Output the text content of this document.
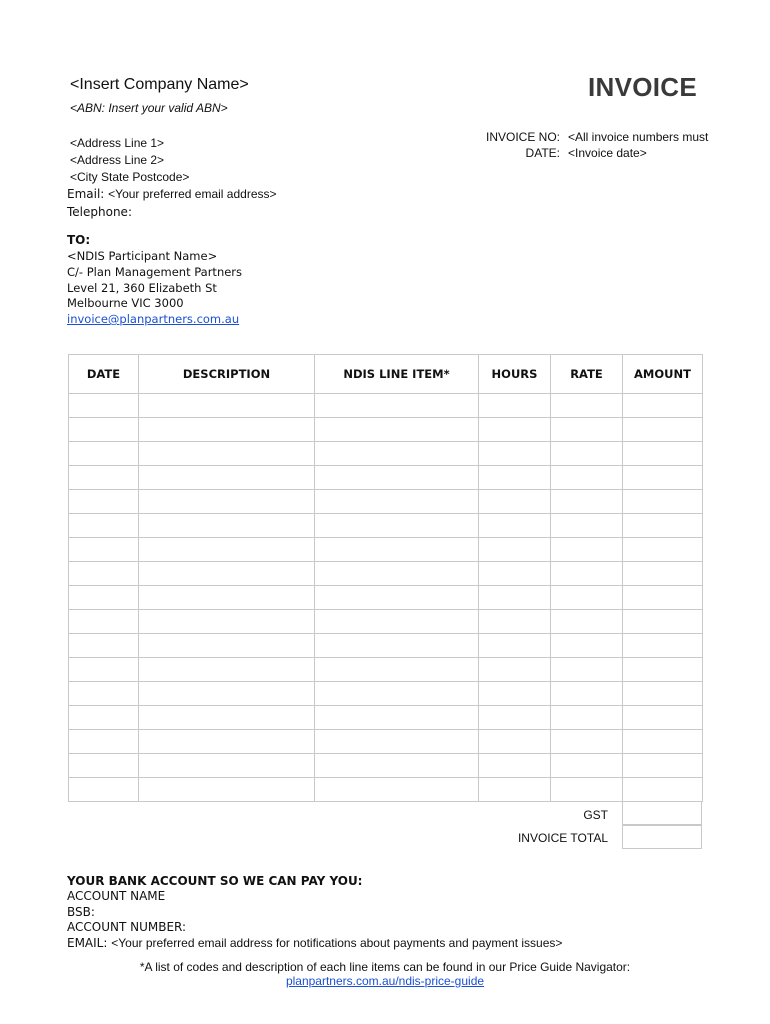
<Insert Company Name>
<ABN: Insert your valid ABN>
INVOICE
<Address Line 1>
<Address Line 2>
<City State Postcode>
Email: <Your preferred email address>
Telephone:
INVOICE NO: <All invoice numbers must
DATE: <Invoice date>
TO:
<NDIS Participant Name>
C/- Plan Management Partners
Level 21, 360 Elizabeth St
Melbourne VIC 3000
invoice@planpartners.com.au
DATE	DESCRIPTION	NDIS LINE ITEM*	HOURS	RATE	AMOUNT

GST
INVOICE TOTAL
YOUR BANK ACCOUNT SO WE CAN PAY YOU:
ACCOUNT NAME
BSB:
ACCOUNT NUMBER:
EMAIL: <Your preferred email address for notifications about payments and payment issues>
*A list of codes and description of each line items can be found in our Price Guide Navigator:
planpartners.com.au/ndis-price-guide
